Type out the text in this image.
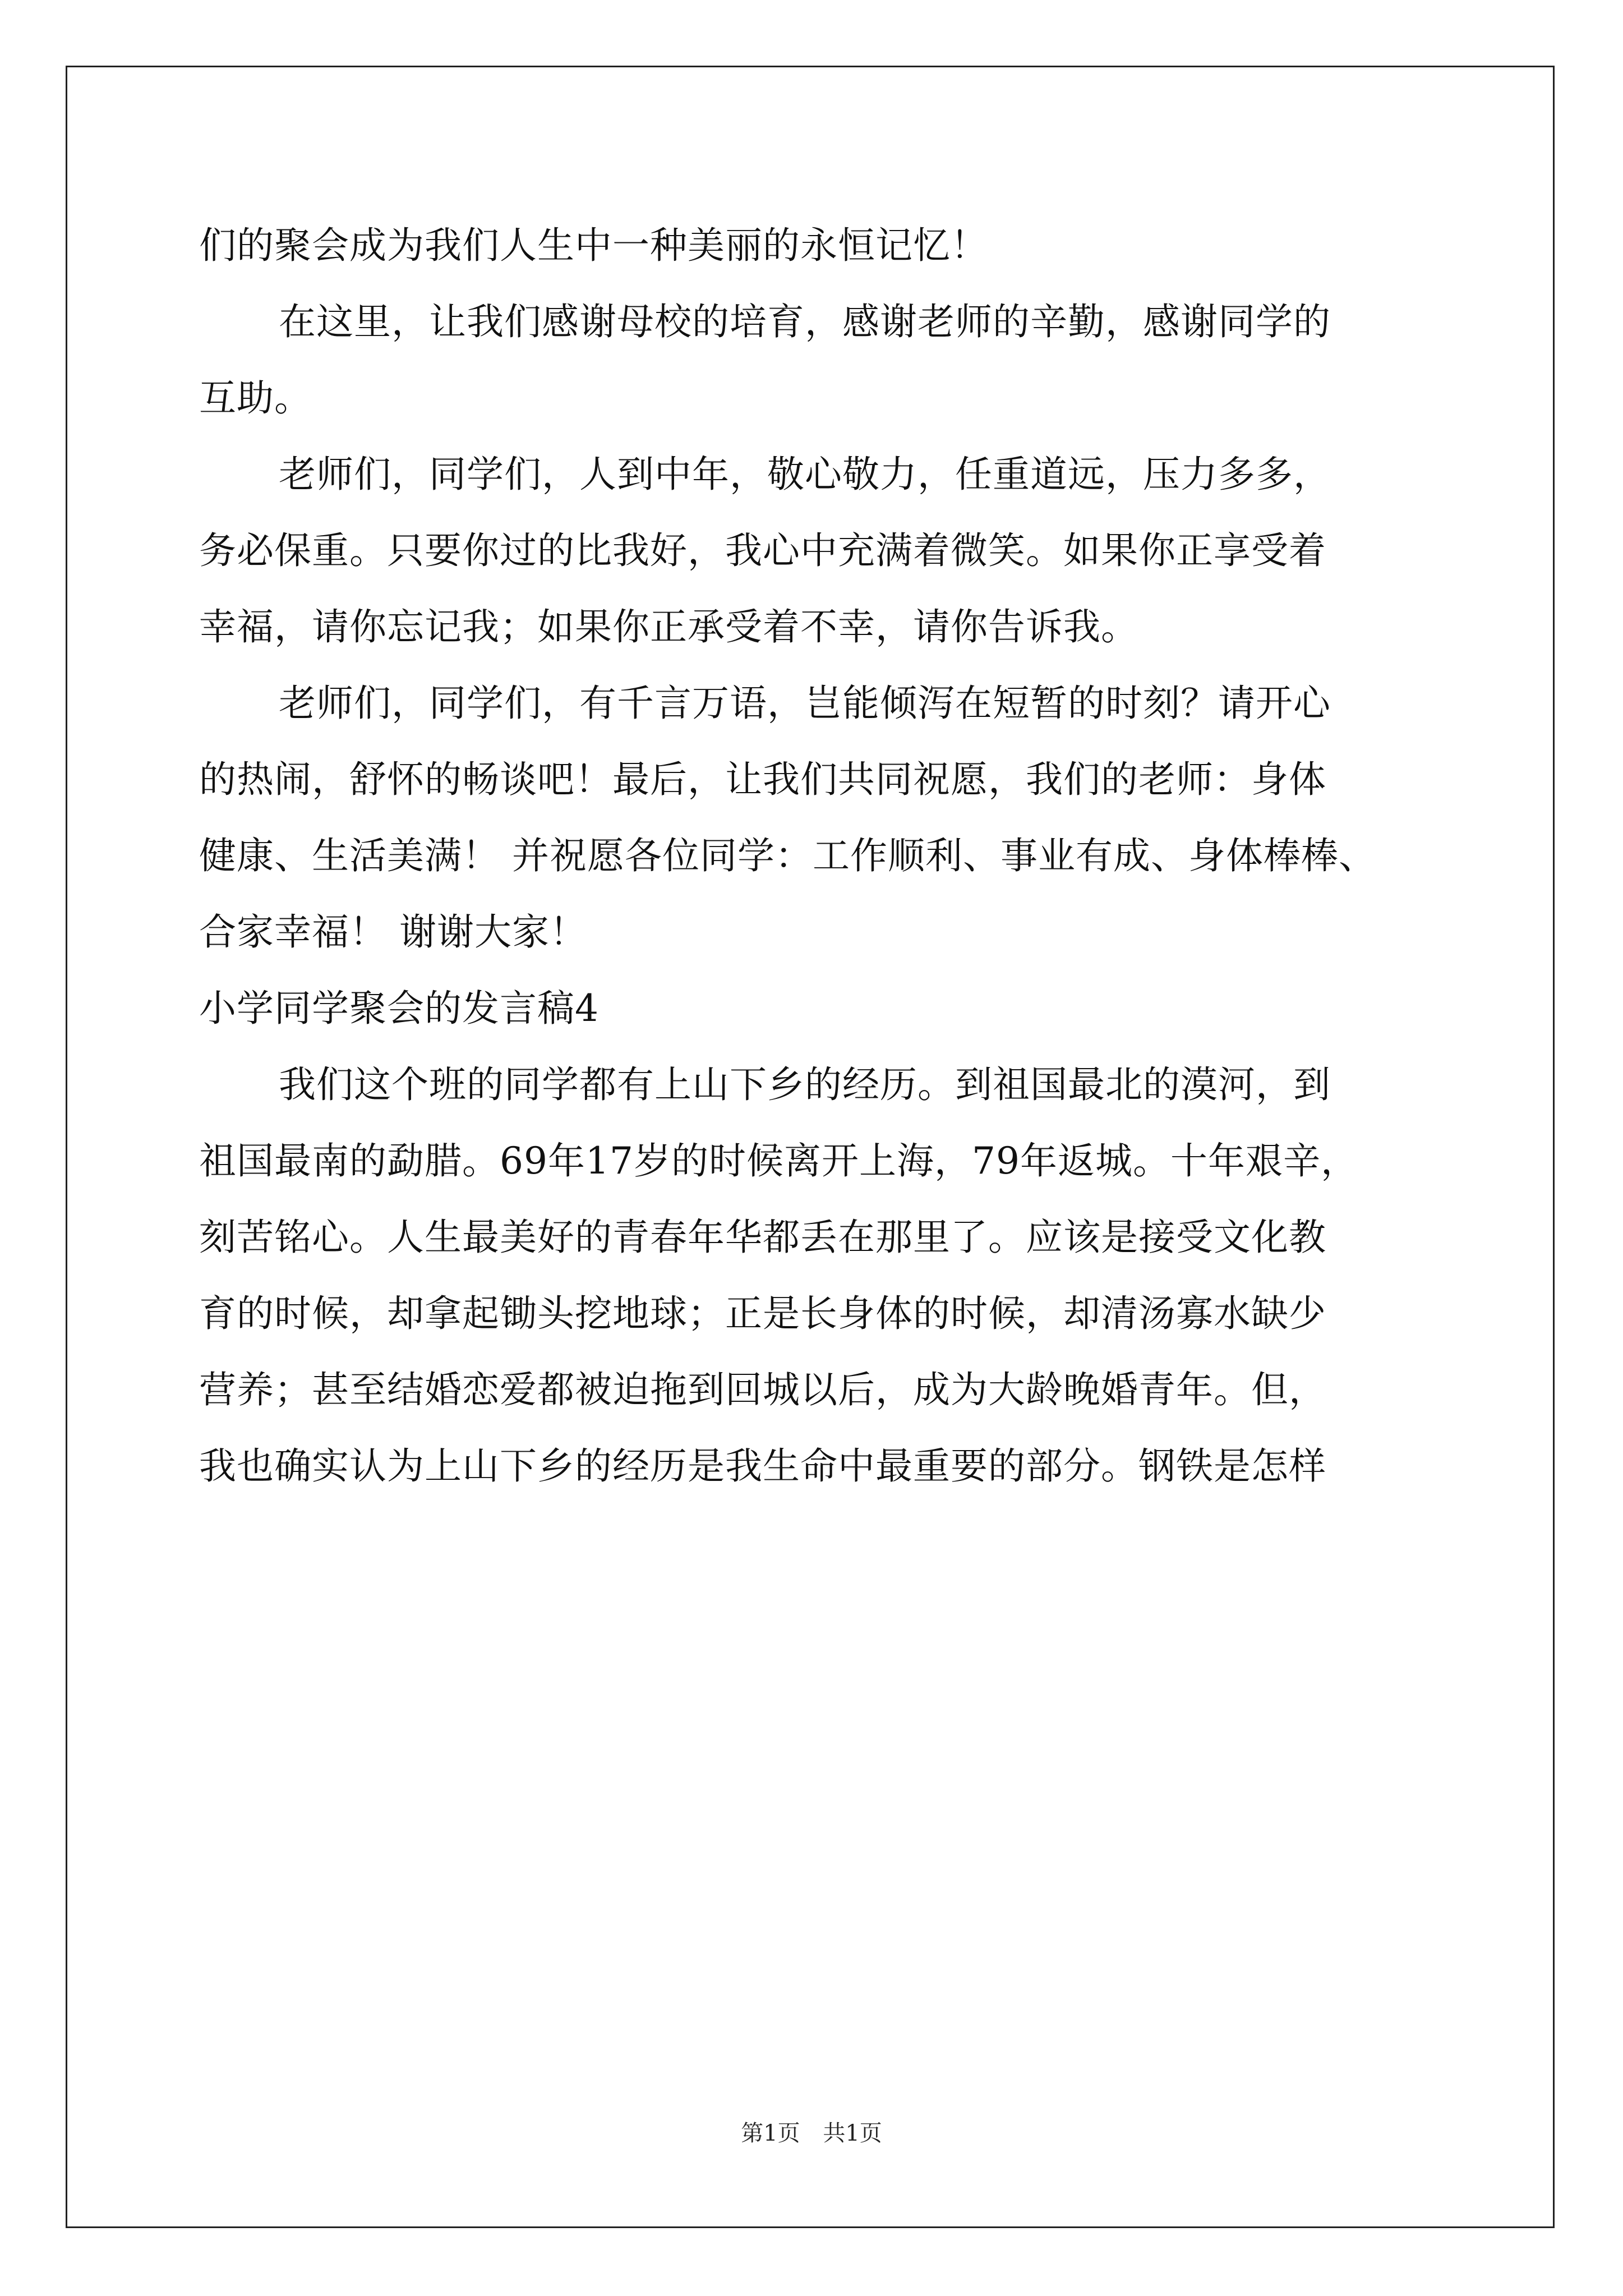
们的聚会成为我们人生中一种美丽的永恒记忆！
在这里，让我们感谢母校的培育，感谢老师的辛勤，感谢同学的
互助。
老师们，同学们，人到中年，敬心敬力，任重道远，压力多多，
务必保重。只要你过的比我好，我心中充满着微笑。如果你正享受着
幸福，请你忘记我；如果你正承受着不幸，请你告诉我。
老师们，同学们，有千言万语，岂能倾泻在短暂的时刻？请开心
的热闹，舒怀的畅谈吧！最后，让我们共同祝愿，我们的老师：身体
健康、生活美满！ 并祝愿各位同学：工作顺利、事业有成、身体棒棒、
合家幸福！ 谢谢大家！
小学同学聚会的发言稿4
我们这个班的同学都有上山下乡的经历。到祖国最北的漠河，到
祖国最南的勐腊。69年17岁的时候离开上海，79年返城。十年艰辛，
刻苦铭心。人生最美好的青春年华都丢在那里了。应该是接受文化教
育的时候，却拿起锄头挖地球；正是长身体的时候，却清汤寡水缺少
营养；甚至结婚恋爱都被迫拖到回城以后，成为大龄晚婚青年。但，
我也确实认为上山下乡的经历是我生命中最重要的部分。钢铁是怎样
第1页 共1页
